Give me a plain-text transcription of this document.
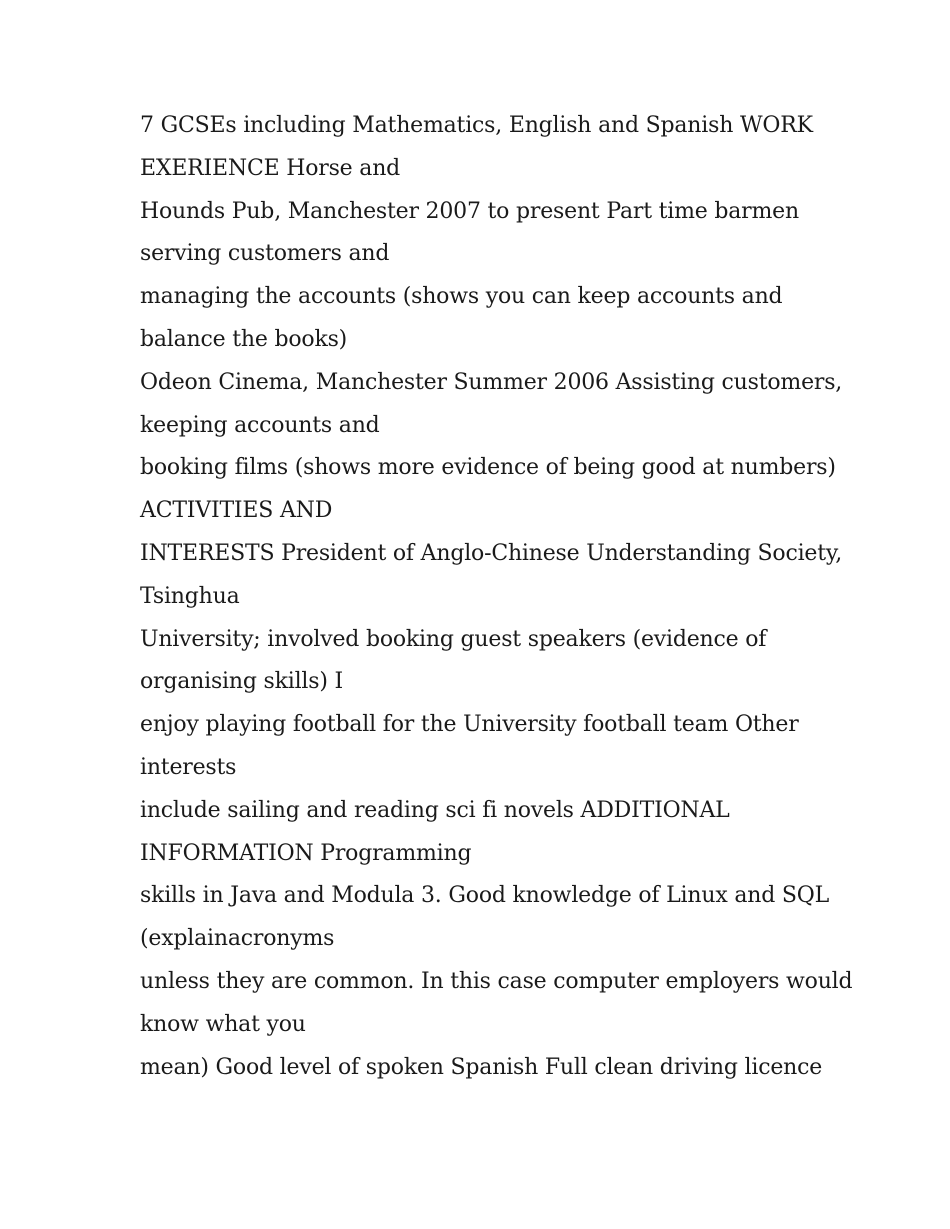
7 GCSEs including Mathematics, English and Spanish WORK

EXERIENCE Horse and

Hounds Pub, Manchester 2007 to present Part time barmen

serving customers and

managing the accounts (shows you can keep accounts and

balance the books)

Odeon Cinema, Manchester Summer 2006 Assisting customers,

keeping accounts and

booking films (shows more evidence of being good at numbers)

ACTIVITIES AND

INTERESTS President of Anglo-Chinese Understanding Society,

Tsinghua

University; involved booking guest speakers (evidence of

organising skills) I

enjoy playing football for the University football team Other

interests

include sailing and reading sci fi novels ADDITIONAL

INFORMATION Programming

skills in Java and Modula 3. Good knowledge of Linux and SQL

(explainacronyms

unless they are common. In this case computer employers would

know what you

mean) Good level of spoken Spanish Full clean driving licence
